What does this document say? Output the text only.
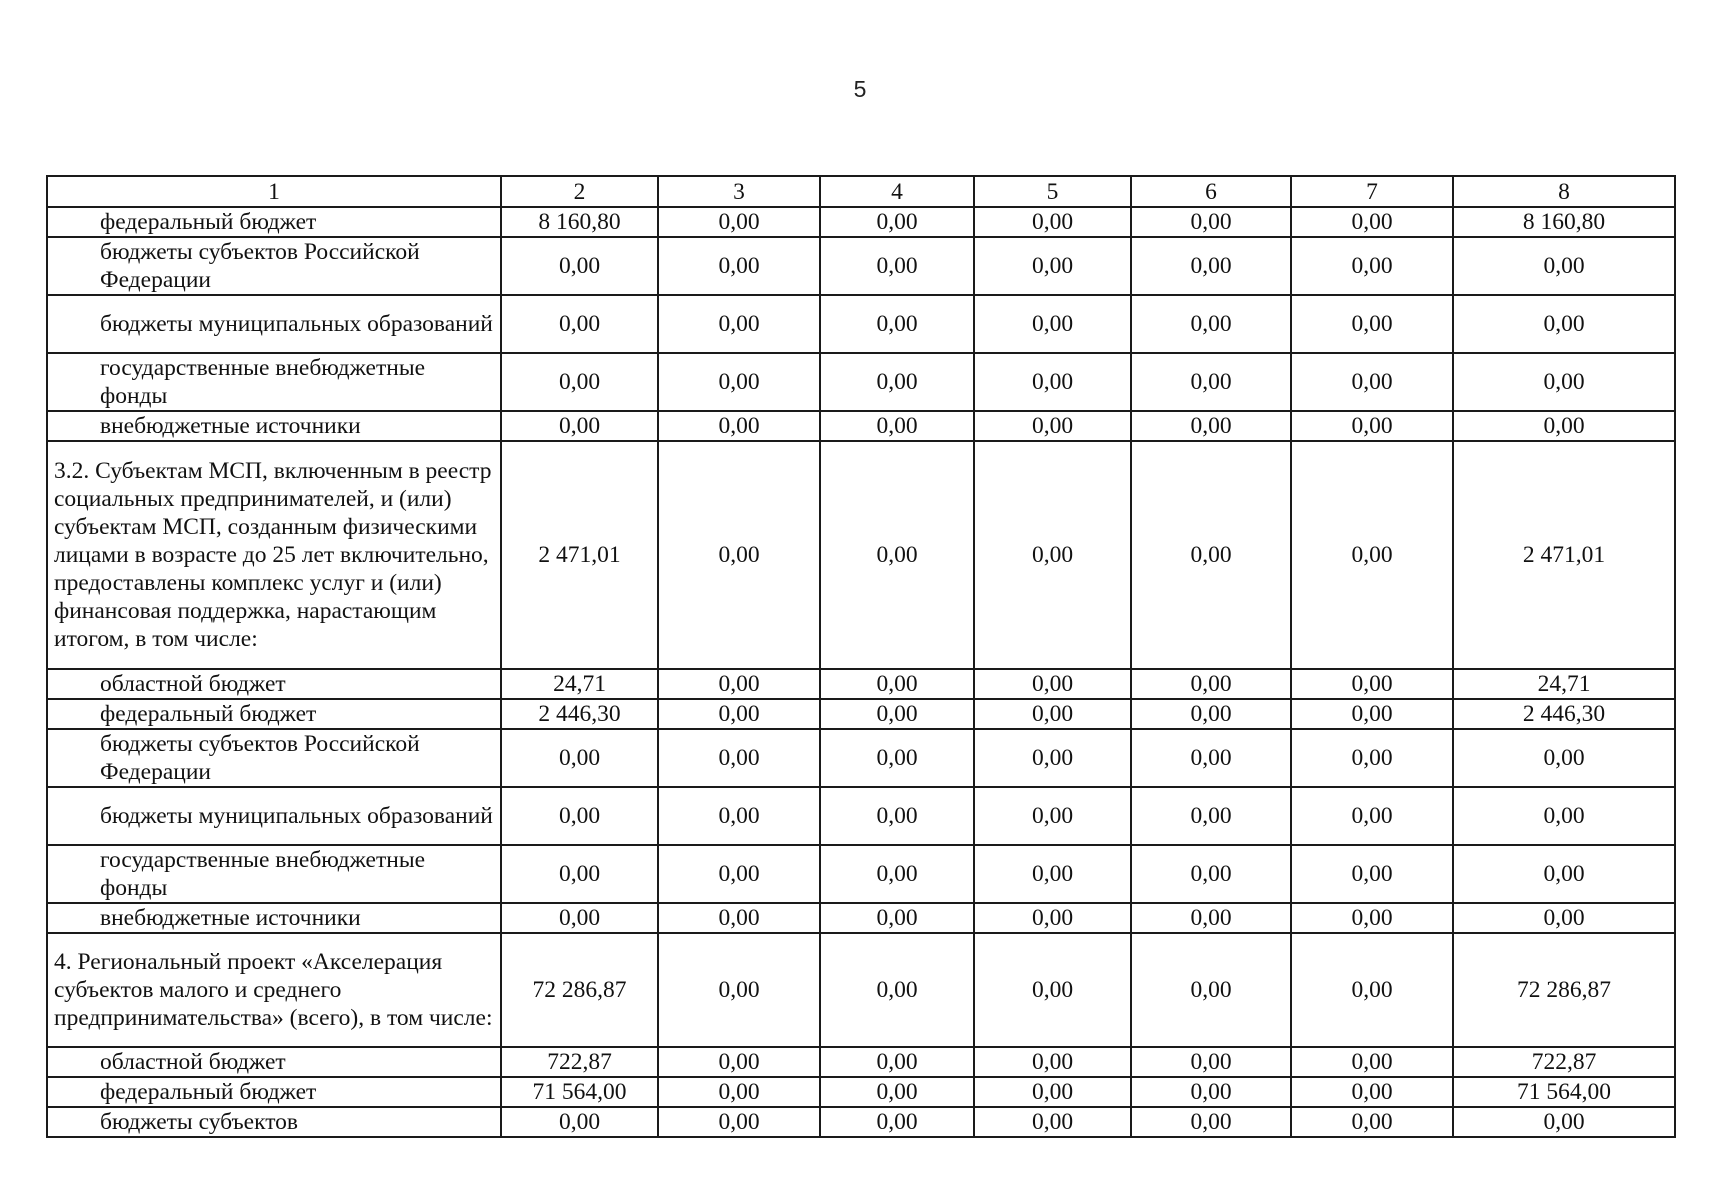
5
1	2	3	4	5	6	7	8
федеральный бюджет	8 160,80	0,00	0,00	0,00	0,00	0,00	8 160,80
бюджеты субъектов Российской Федерации	0,00	0,00	0,00	0,00	0,00	0,00	0,00
бюджеты муниципальных образований	0,00	0,00	0,00	0,00	0,00	0,00	0,00
государственные внебюджетные фонды	0,00	0,00	0,00	0,00	0,00	0,00	0,00
внебюджетные источники	0,00	0,00	0,00	0,00	0,00	0,00	0,00
3.2. Субъектам МСП, включенным в реестр социальных предпринимателей, и (или) субъектам МСП, созданным физическими лицами в возрасте до 25 лет включительно, предоставлены комплекс услуг и (или) финансовая поддержка, нарастающим итогом, в том числе:	2 471,01	0,00	0,00	0,00	0,00	0,00	2 471,01
областной бюджет	24,71	0,00	0,00	0,00	0,00	0,00	24,71
федеральный бюджет	2 446,30	0,00	0,00	0,00	0,00	0,00	2 446,30
бюджеты субъектов Российской Федерации	0,00	0,00	0,00	0,00	0,00	0,00	0,00
бюджеты муниципальных образований	0,00	0,00	0,00	0,00	0,00	0,00	0,00
государственные внебюджетные фонды	0,00	0,00	0,00	0,00	0,00	0,00	0,00
внебюджетные источники	0,00	0,00	0,00	0,00	0,00	0,00	0,00
4. Региональный проект «Акселерация субъектов малого и среднего предпринимательства» (всего), в том числе:	72 286,87	0,00	0,00	0,00	0,00	0,00	72 286,87
областной бюджет	722,87	0,00	0,00	0,00	0,00	0,00	722,87
федеральный бюджет	71 564,00	0,00	0,00	0,00	0,00	0,00	71 564,00
бюджеты субъектов	0,00	0,00	0,00	0,00	0,00	0,00	0,00
